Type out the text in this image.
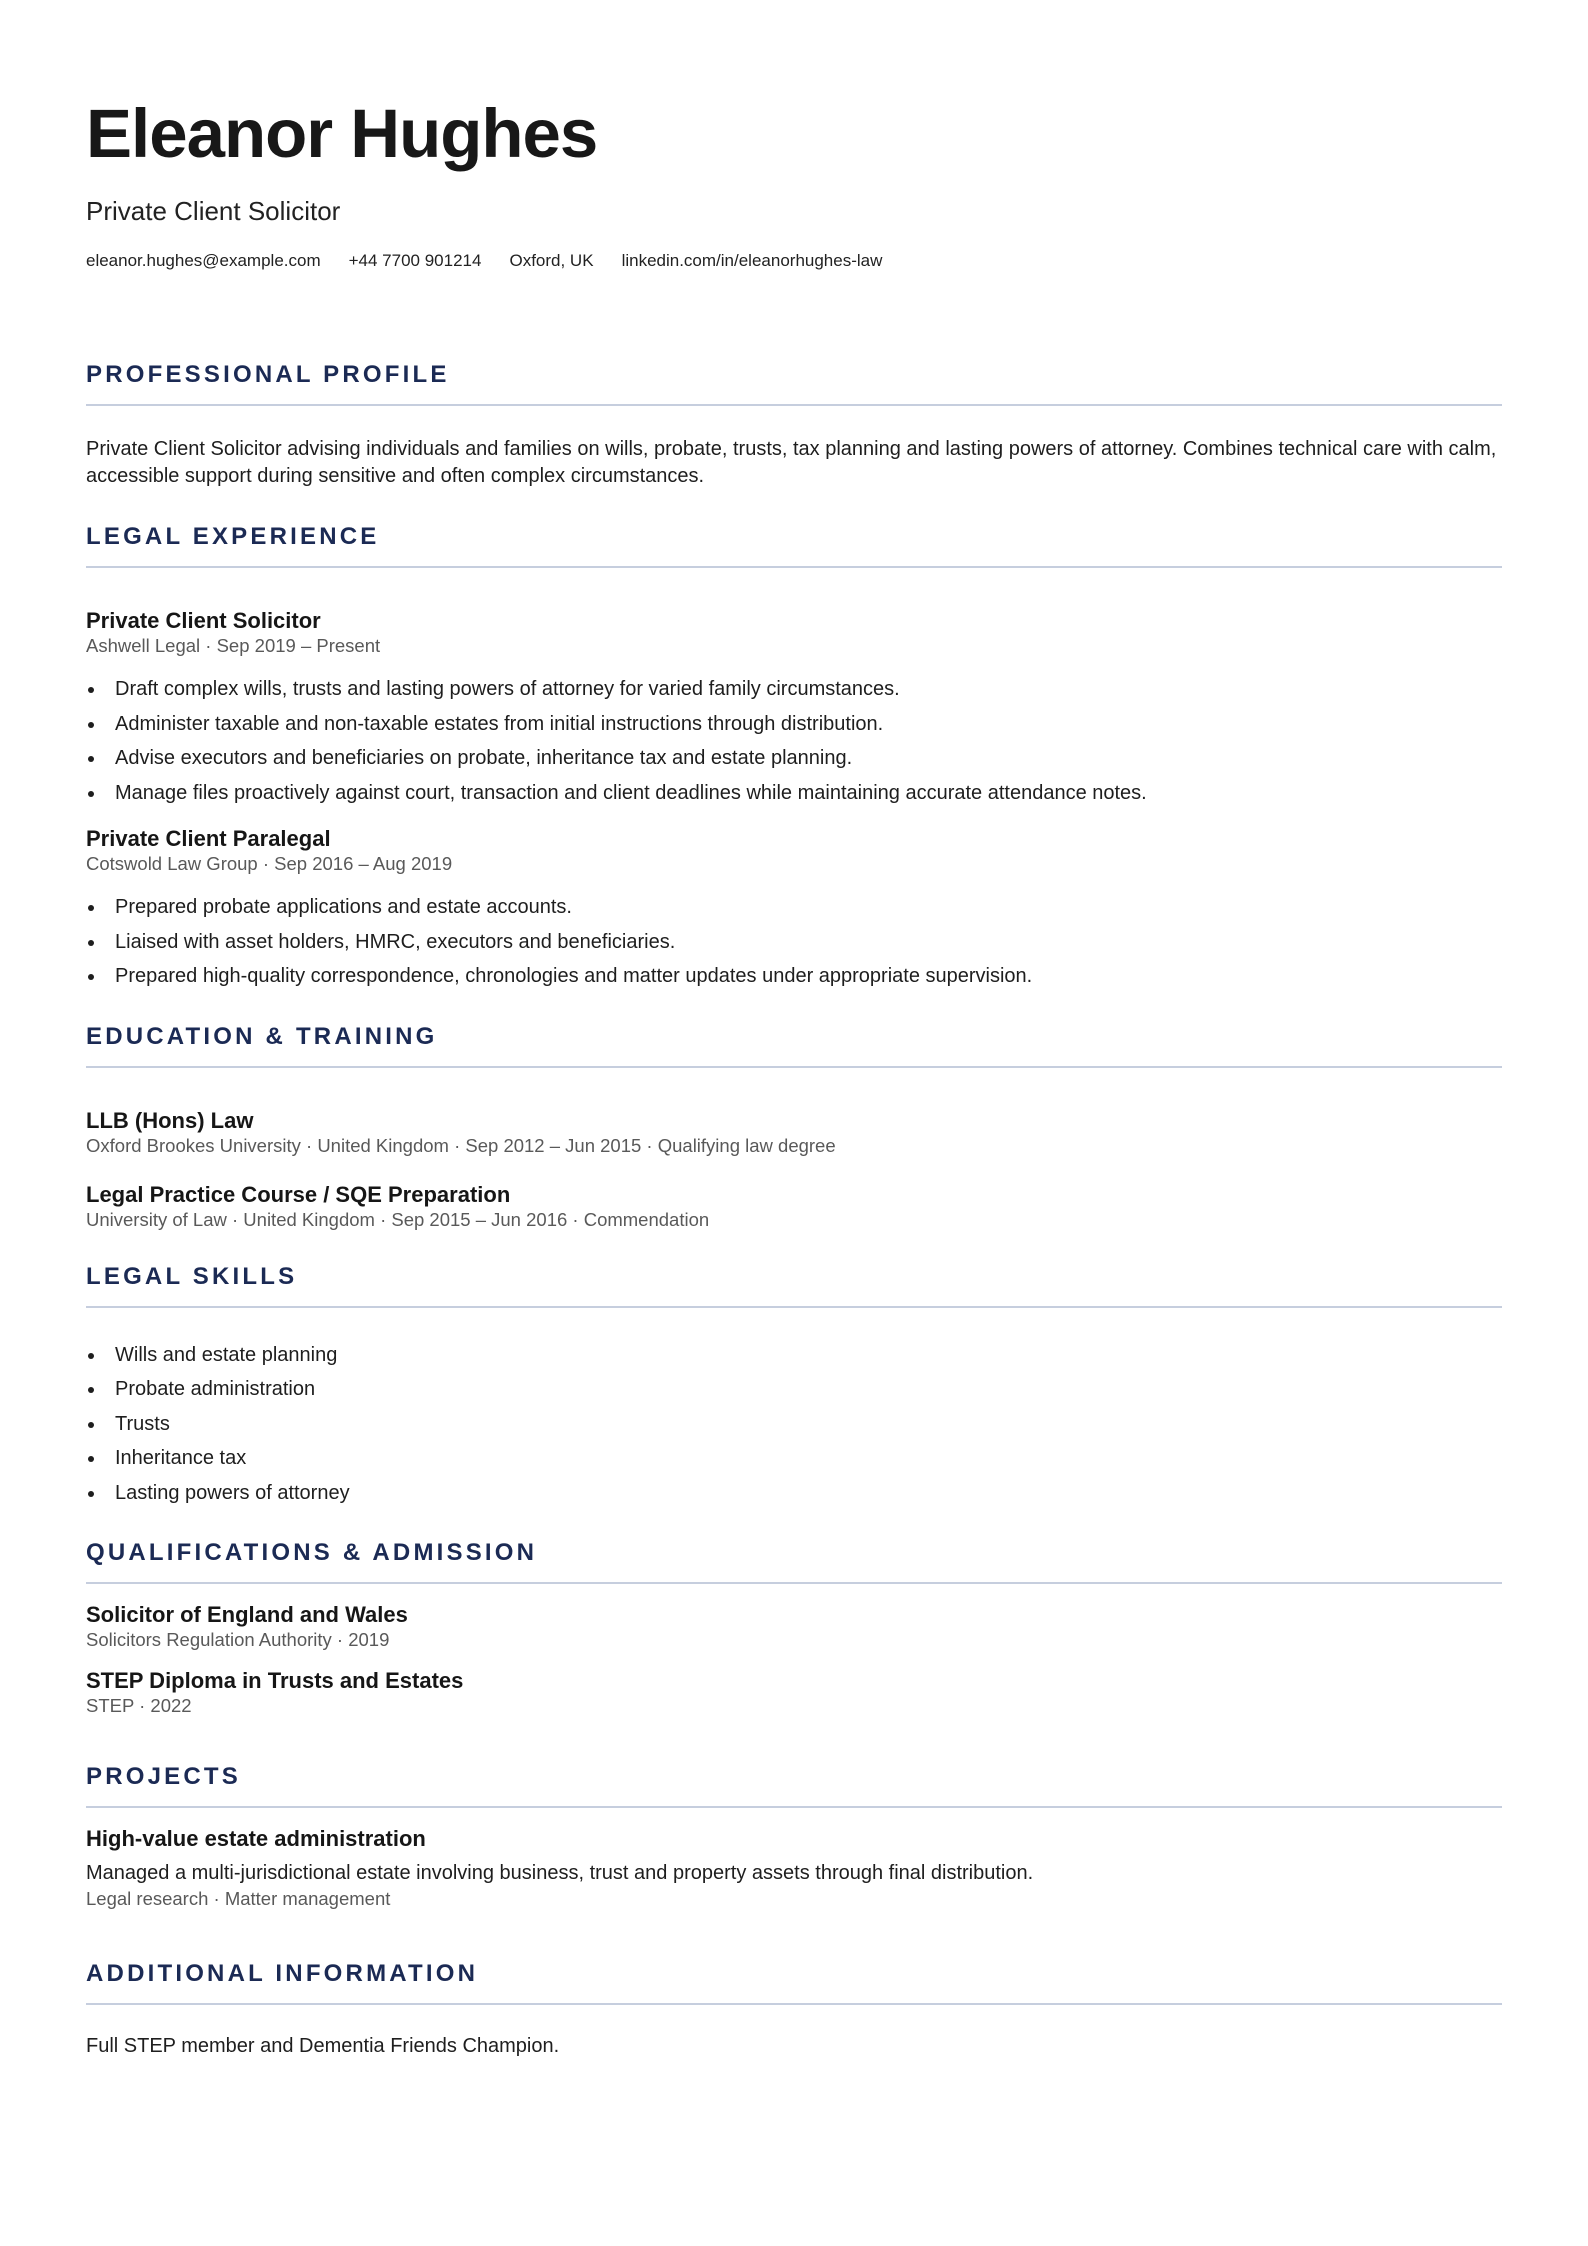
Eleanor Hughes
Private Client Solicitor
eleanor.hughes@example.com +44 7700 901214 Oxford, UK linkedin.com/in/eleanorhughes-law
PROFESSIONAL PROFILE

Private Client Solicitor advising individuals and families on wills, probate, trusts, tax planning and lasting powers of attorney. Combines technical care with calm, accessible support during sensitive and often complex circumstances.

LEGAL EXPERIENCE
Private Client Solicitor
Ashwell Legal · Sep 2019 – Present
Draft complex wills, trusts and lasting powers of attorney for varied family circumstances.
Administer taxable and non-taxable estates from initial instructions through distribution.
Advise executors and beneficiaries on probate, inheritance tax and estate planning.
Manage files proactively against court, transaction and client deadlines while maintaining accurate attendance notes.
Private Client Paralegal
Cotswold Law Group · Sep 2016 – Aug 2019
Prepared probate applications and estate accounts.
Liaised with asset holders, HMRC, executors and beneficiaries.
Prepared high-quality correspondence, chronologies and matter updates under appropriate supervision.
EDUCATION & TRAINING
LLB (Hons) Law
Oxford Brookes University · United Kingdom · Sep 2012 – Jun 2015 · Qualifying law degree
Legal Practice Course / SQE Preparation
University of Law · United Kingdom · Sep 2015 – Jun 2016 · Commendation
LEGAL SKILLS
Wills and estate planning
Probate administration
Trusts
Inheritance tax
Lasting powers of attorney
QUALIFICATIONS & ADMISSION
Solicitor of England and Wales
Solicitors Regulation Authority · 2019
STEP Diploma in Trusts and Estates
STEP · 2022
PROJECTS
High-value estate administration
Managed a multi-jurisdictional estate involving business, trust and property assets through final distribution.
Legal research · Matter management
ADDITIONAL INFORMATION

Full STEP member and Dementia Friends Champion.
